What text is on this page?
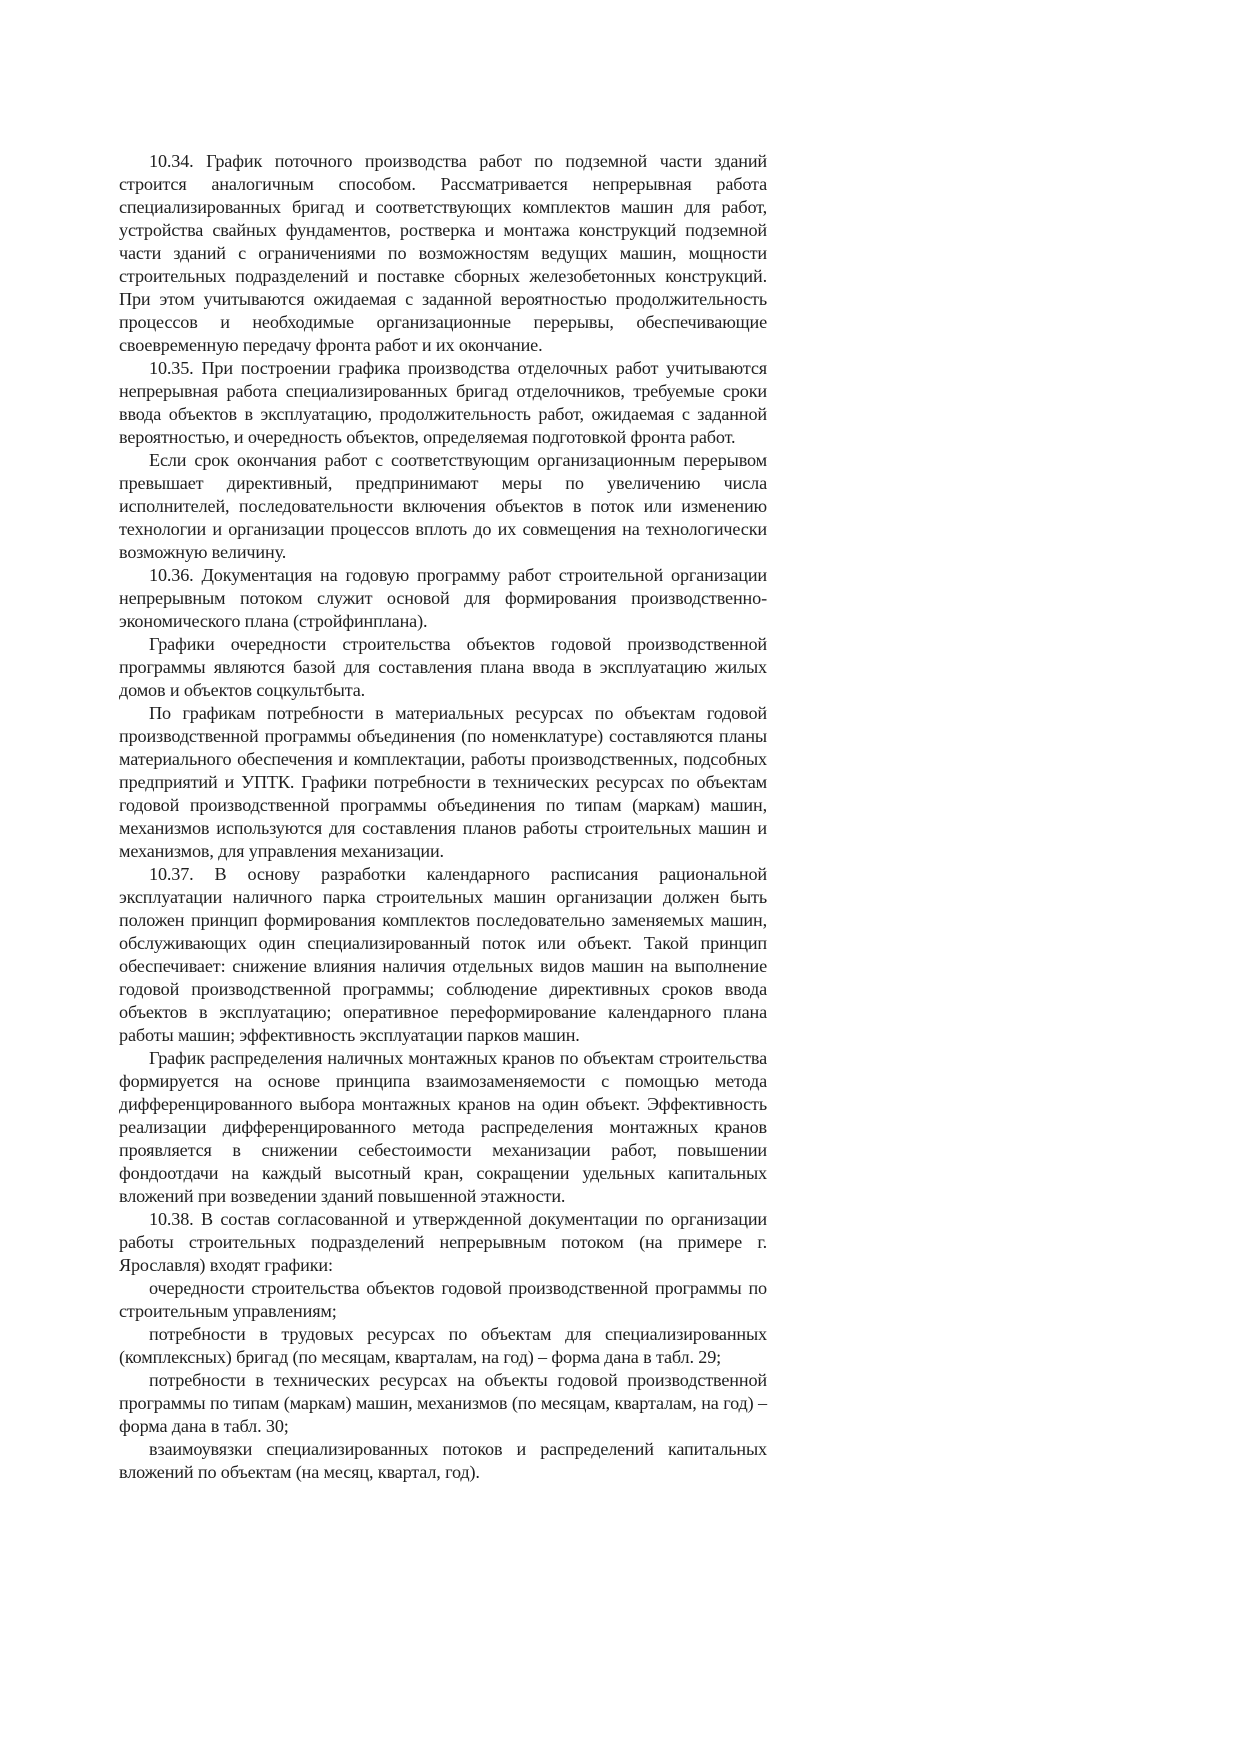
10.34. График поточного производства работ по подземной части зданий строится аналогичным способом. Рассматривается непрерывная работа специализированных бригад и соответствующих комплектов машин для работ, устройства свайных фундаментов, ростверка и монтажа конструкций подземной части зданий с ограничениями по возможностям ведущих машин, мощности строительных подразделений и поставке сборных железобетонных конструкций. При этом учитываются ожидаемая с заданной вероятностью продолжительность процессов и необходимые организационные перерывы, обеспечивающие своевременную передачу фронта работ и их окончание.

10.35. При построении графика производства отделочных работ учитываются непрерывная работа специализированных бригад отделочников, требуемые сроки ввода объектов в эксплуатацию, продолжительность работ, ожидаемая с заданной вероятностью, и очередность объектов, определяемая подготовкой фронта работ.

Если срок окончания работ с соответствующим организационным перерывом превышает директивный, предпринимают меры по увеличению числа исполнителей, последовательности включения объектов в поток или изменению технологии и организации процессов вплоть до их совмещения на технологически возможную величину.

10.36. Документация на годовую программу работ строительной организации непрерывным потоком служит основой для формирования производственно-экономического плана (стройфинплана).

Графики очередности строительства объектов годовой производственной программы являются базой для составления плана ввода в эксплуатацию жилых домов и объектов соцкультбыта.

По графикам потребности в материальных ресурсах по объектам годовой производственной программы объединения (по номенклатуре) составляются планы материального обеспечения и комплектации, работы производственных, подсобных предприятий и УПТК. Графики потребности в технических ресурсах по объектам годовой производственной программы объединения по типам (маркам) машин, механизмов используются для составления планов работы строительных машин и механизмов, для управления механизации.

10.37. В основу разработки календарного расписания рациональной эксплуатации наличного парка строительных машин организации должен быть положен принцип формирования комплектов последовательно заменяемых машин, обслуживающих один специализированный поток или объект. Такой принцип обеспечивает: снижение влияния наличия отдельных видов машин на выполнение годовой производственной программы; соблюдение директивных сроков ввода объектов в эксплуатацию; оперативное переформирование календарного плана работы машин; эффективность эксплуатации парков машин.

График распределения наличных монтажных кранов по объектам строительства формируется на основе принципа взаимозаменяемости с помощью метода дифференцированного выбора монтажных кранов на один объект. Эффективность реализации дифференцированного метода распределения монтажных кранов проявляется в снижении себестоимости механизации работ, повышении фондоотдачи на каждый высотный кран, сокращении удельных капитальных вложений при возведении зданий повышенной этажности.

10.38. В состав согласованной и утвержденной документации по организации работы строительных подразделений непрерывным потоком (на примере г. Ярославля) входят графики:

очередности строительства объектов годовой производственной программы по строительным управлениям;

потребности в трудовых ресурсах по объектам для специализированных (комплексных) бригад (по месяцам, кварталам, на год) – форма дана в табл. 29;

потребности в технических ресурсах на объекты годовой производственной программы по типам (маркам) машин, механизмов (по месяцам, кварталам, на год) – форма дана в табл. 30;

взаимоувязки специализированных потоков и распределений капитальных вложений по объектам (на месяц, квартал, год).
